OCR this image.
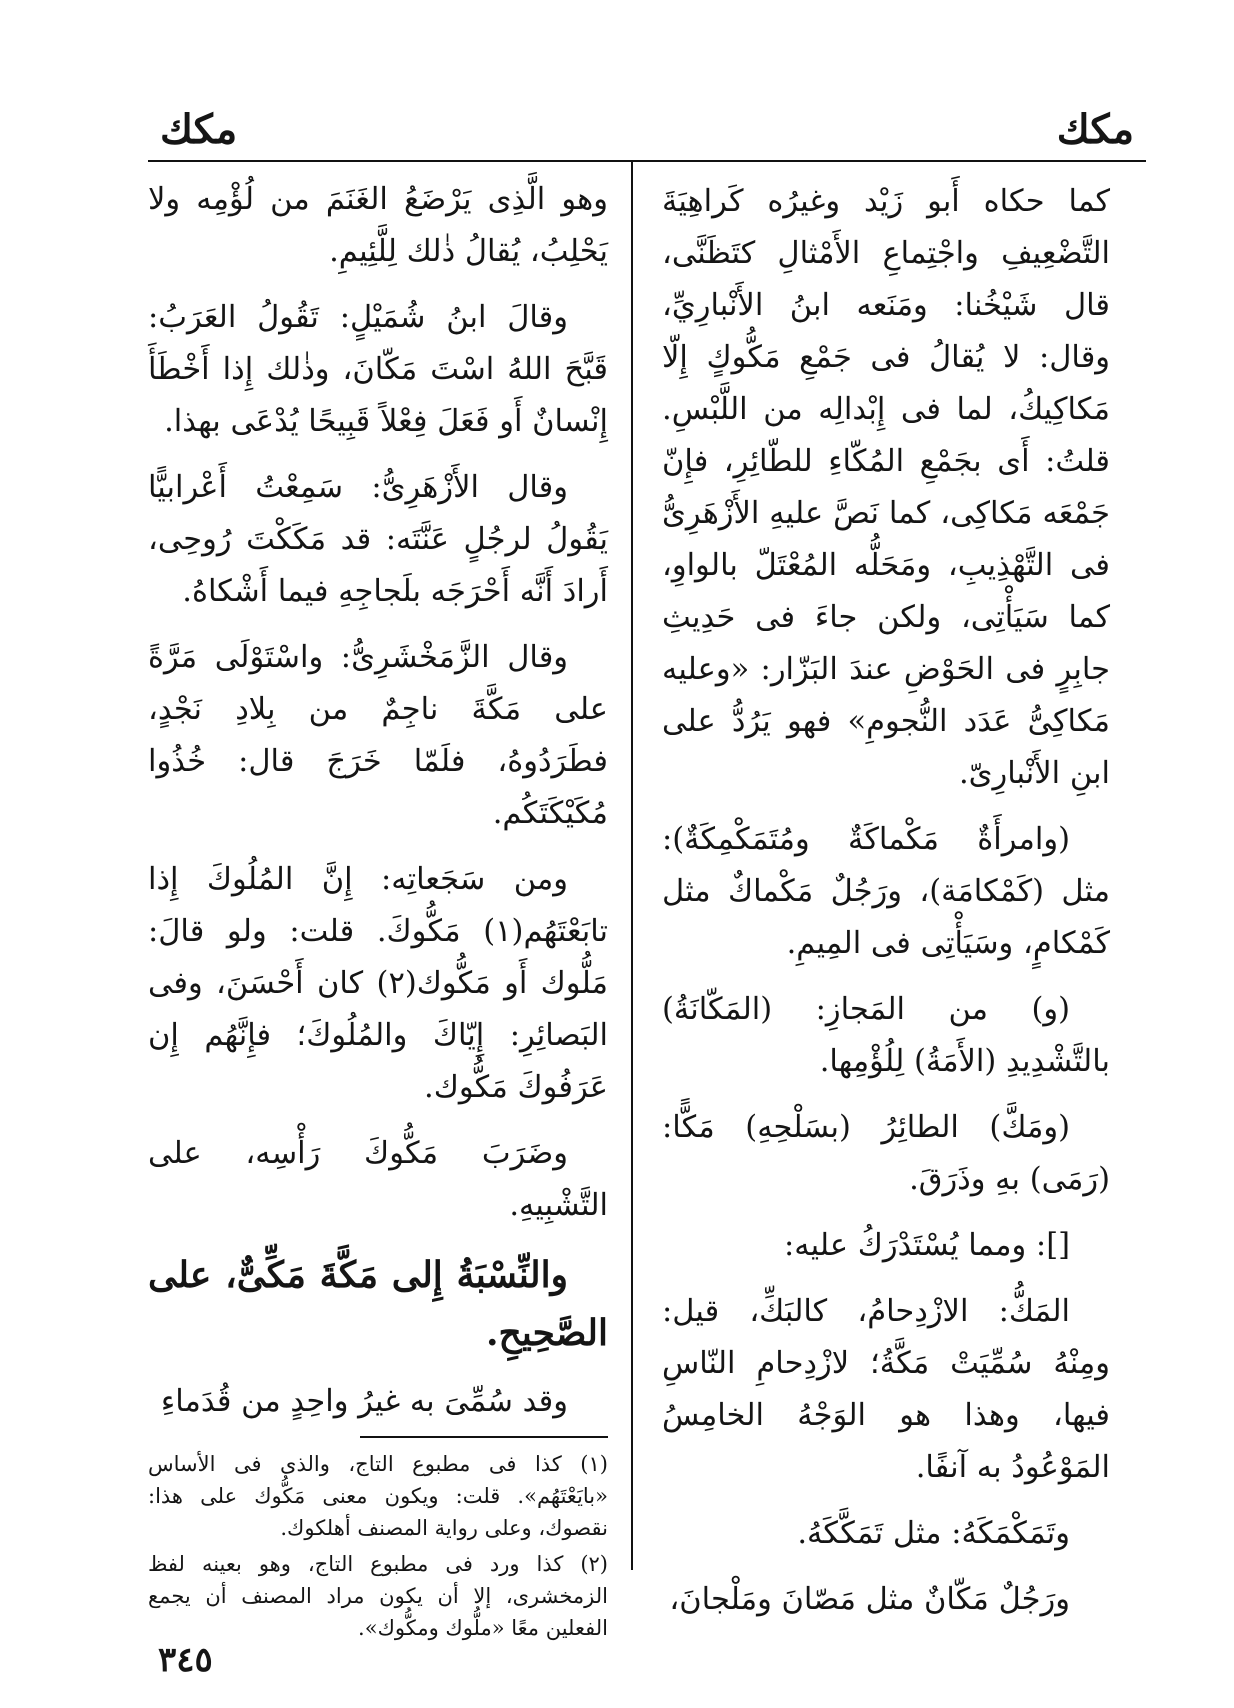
مكك
مكك

كما حكاه أَبو زَيْد وغيرُه كَراهِيَةَ التَّضْعِيفِ واجْتِماعِ الأَمْثالِ كتَظَنَّى، قال شَيْخُنا: ومَنَعه ابنُ الأَنْبارِيِّ، وقال: لا يُقالُ فى جَمْعِ مَكُّوكٍ إِلّا مَكاكِيكُ، لما فى إِبْدالِه من اللَّبْسِ. قلتُ: أَى بجَمْعِ المُكّاءِ للطّائِرِ، فإِنّ جَمْعَه مَكاكِى، كما نَصَّ عليهِ الأَزْهَرِىُّ فى التَّهْذِيبِ، ومَحَلُّه المُعْتَلّ بالواوِ، كما سَيَأْتِى، ولكن جاءَ فى حَدِيثِ جابِرٍ فى الحَوْضِ عندَ البَزّار: «وعليه مَكاكِىُّ عَدَد النُّجومِ» فهو يَرُدُّ على ابنِ الأَنْبارِىّ.

(وامرأَةٌ مَكْماكَةٌ ومُتَمَكْمِكَةٌ): مثل (كَمْكامَة)، ورَجُلٌ مَكْماكٌ مثل كَمْكامٍ، وسَيَأْتِى فى المِيمِ.

(و) من المَجازِ: (المَكّانَةُ) بالتَّشْدِيدِ (الأَمَةُ) لِلُؤْمِها.

(ومَكَّ) الطائِرُ (بسَلْحِهِ) مَكًّا: (رَمَى) بهِ وذَرَقَ.

[]: ومما يُسْتَدْرَكُ عليه:

المَكُّ: الازْدِحامُ، كالبَكِّ، قيل: ومِنْهُ سُمِّيَتْ مَكَّةُ؛ لازْدِحامِ النّاسِ فيها، وهذا هو الوَجْهُ الخامِسُ المَوْعُودُ به آنفًا.

وتَمَكْمَكَهُ: مثل تَمَكَّكَهُ.

ورَجُلٌ مَكّانٌ مثل مَصّانَ ومَلْجانَ،

وهو الَّذِى يَرْضَعُ الغَنَمَ من لُؤْمِه ولا يَحْلِبُ، يُقالُ ذٰلك لِلَّئِيمِ.

وقالَ ابنُ شُمَيْلٍ: تَقُولُ العَرَبُ: قَبَّحَ اللهُ اسْتَ مَكّانَ، وذٰلك إِذا أَخْطَأَ إِنْسانٌ أَو فَعَلَ فِعْلاً قَبِيحًا يُدْعَى بهذا.

وقال الأَزْهَرِىُّ: سَمِعْتُ أَعْرابيًّا يَقُولُ لرجُلٍ عَنَّتَه: قد مَكَكْتَ رُوحِى، أَرادَ أَنَّه أَحْرَجَه بلَجاجِهِ فيما أَشْكاهُ.

وقال الزَّمَخْشَرِىُّ: واسْتَوْلَى مَرَّةً على مَكَّةَ ناجِمٌ من بِلادِ نَجْدٍ، فطَرَدُوهُ، فلَمّا خَرَجَ قال: خُذُوا مُكَيْكَتَكُم.

ومن سَجَعاتِه: إِنَّ المُلُوكَ إِذا تابَعْتَهُم(١) مَكُّوكَ. قلت: ولو قالَ: مَلُّوك أَو مَكُّوك(٢) كان أَحْسَنَ، وفى البَصائِرِ: إِيّاكَ والمُلُوكَ؛ فإِنَّهُم إِن عَرَفُوكَ مَكُّوك.

وضَرَبَ مَكُّوكَ رَأْسِه، على التَّشْبِيهِ.

والنِّسْبَةُ إِلى مَكَّةَ مَكِّىٌّ، على الصَّحِيحِ.

وقد سُمِّىَ به غيرُ واحِدٍ من قُدَماءِ

(١) كذا فى مطبوع التاج، والذى فى الأساس «بايَعْتَهُم». قلت: ويكون معنى مَكُّوك على هذا: نقصوك، وعلى رواية المصنف أهلكوك.

(٢) كذا ورد فى مطبوع التاج، وهو بعينه لفظ الزمخشرى، إلا أن يكون مراد المصنف أن يجمع الفعلين معًا «ملُّوك ومكُّوك».

٣٤٥
